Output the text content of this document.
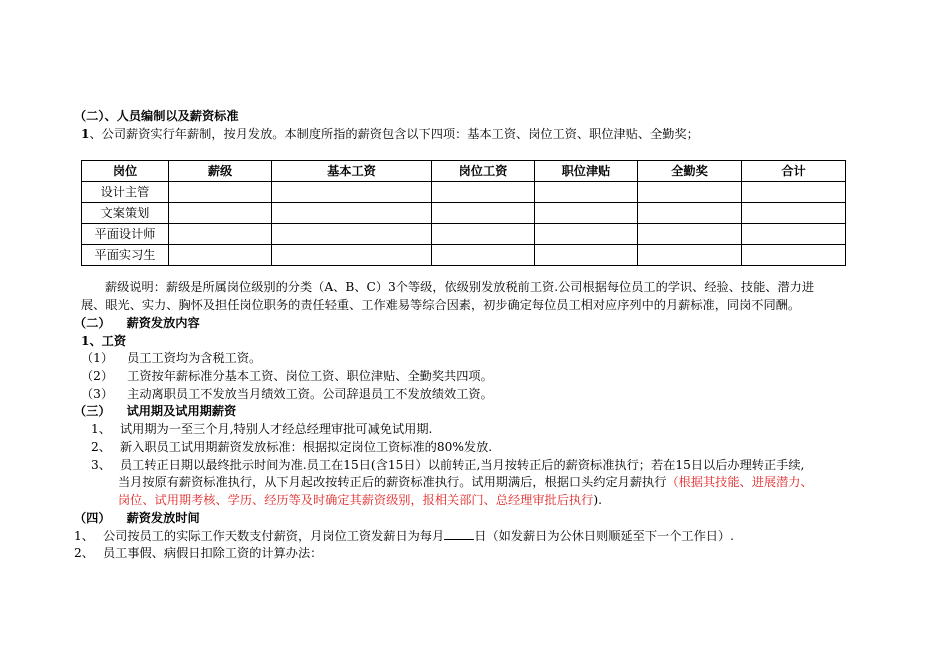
（二）、人员编制以及薪资标准
1、公司薪资实行年薪制，按月发放。本制度所指的薪资包含以下四项：基本工资、岗位工资、职位津贴、全勤奖；
岗位	薪级	基本工资	岗位工资	职位津贴	全勤奖	合计
设计主管						
文案策划						
平面设计师						
平面实习生						
薪级说明：薪级是所属岗位级别的分类（A、B、C）3个等级，依级别发放税前工资.公司根据每位员工的学识、经验、技能、潜力进
展、眼光、实力、胸怀及担任岗位职务的责任轻重、工作难易等综合因素，初步确定每位员工相对应序列中的月薪标准，同岗不同酬。
（二） 薪资发放内容
1、工资
（1） 员工工资均为含税工资。
（2） 工资按年薪标准分基本工资、岗位工资、职位津贴、全勤奖共四项。
（3） 主动离职员工不发放当月绩效工资。公司辞退员工不发放绩效工资。
（三） 试用期及试用期薪资
1、 试用期为一至三个月,特别人才经总经理审批可减免试用期.
2、 新入职员工试用期薪资发放标准：根据拟定岗位工资标准的80%发放.
3、 员工转正日期以最终批示时间为准.员工在15日(含15日）以前转正,当月按转正后的薪资标准执行；若在15日以后办理转正手续,
当月按原有薪资标准执行，从下月起改按转正后的薪资标准执行。试用期满后，根据口头约定月薪执行（根据其技能、进展潜力、
岗位、试用期考核、学历、经历等及时确定其薪资级别，报相关部门、总经理审批后执行).
（四） 薪资发放时间
1、 公司按员工的实际工作天数支付薪资，月岗位工资发薪日为每月 日（如发薪日为公休日则顺延至下一个工作日）.
2、 员工事假、病假日扣除工资的计算办法：
